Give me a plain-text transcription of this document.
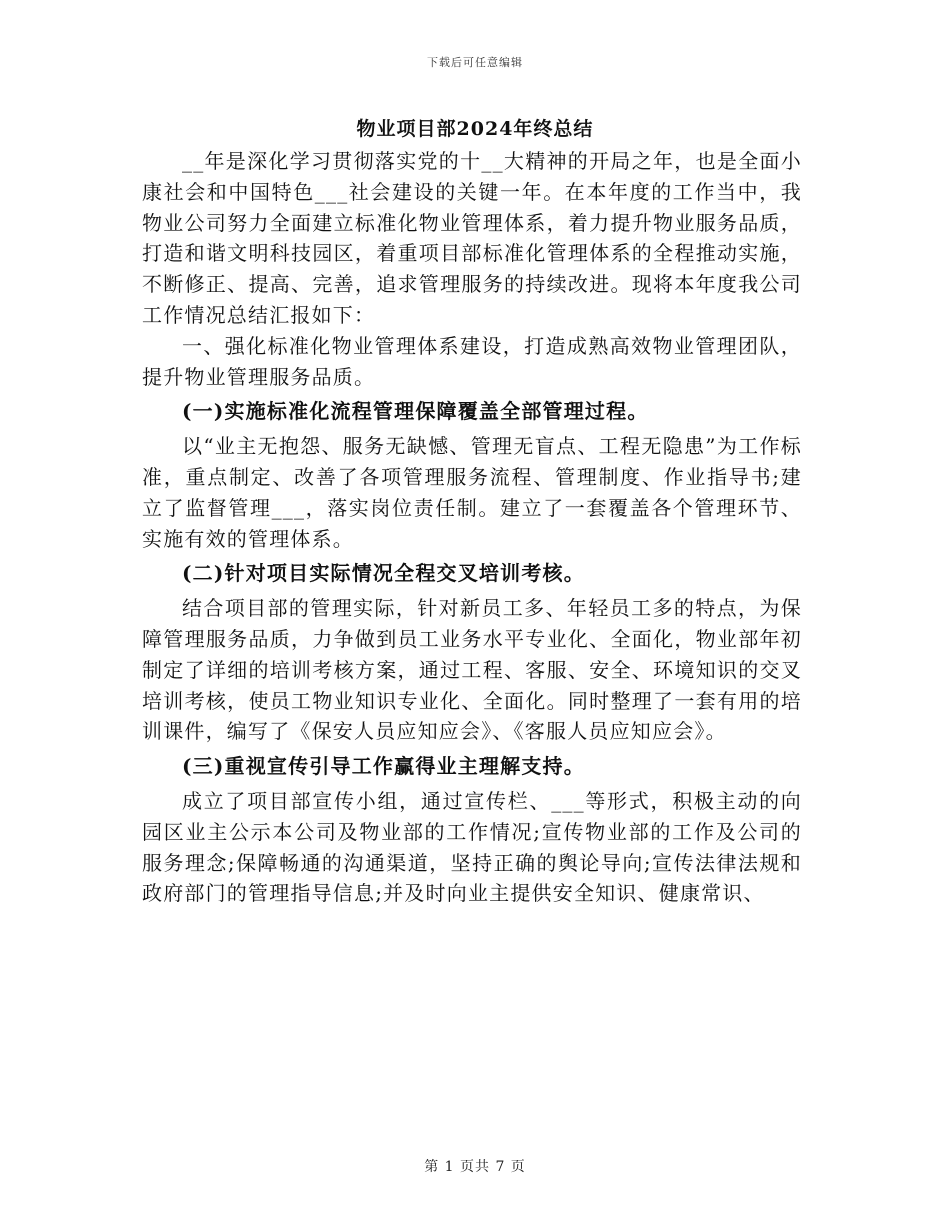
下载后可任意编辑
物业项目部2024年终总结

__年是深化学习贯彻落实党的十__大精神的开局之年，也是全面小康社会和中国特色___社会建设的关键一年。在本年度的工作当中，我物业公司努力全面建立标准化物业管理体系，着力提升物业服务品质，打造和谐文明科技园区，着重项目部标准化管理体系的全程推动实施，不断修正、提高、完善，追求管理服务的持续改进。现将本年度我公司工作情况总结汇报如下：

一、强化标准化物业管理体系建设，打造成熟高效物业管理团队，提升物业管理服务品质。

(一)实施标准化流程管理保障覆盖全部管理过程。

以“业主无抱怨、服务无缺憾、管理无盲点、工程无隐患”为工作标准，重点制定、改善了各项管理服务流程、管理制度、作业指导书;建立了监督管理___，落实岗位责任制。建立了一套覆盖各个管理环节、实施有效的管理体系。

(二)针对项目实际情况全程交叉培训考核。

结合项目部的管理实际，针对新员工多、年轻员工多的特点，为保障管理服务品质，力争做到员工业务水平专业化、全面化，物业部年初制定了详细的培训考核方案，通过工程、客服、安全、环境知识的交叉培训考核，使员工物业知识专业化、全面化。同时整理了一套有用的培训课件，编写了《保安人员应知应会》、《客服人员应知应会》。

(三)重视宣传引导工作赢得业主理解支持。

成立了项目部宣传小组，通过宣传栏、___等形式，积极主动的向园区业主公示本公司及物业部的工作情况;宣传物业部的工作及公司的服务理念;保障畅通的沟通渠道，坚持正确的舆论导向;宣传法律法规和政府部门的管理指导信息;并及时向业主提供安全知识、健康常识、

第 1 页共 7 页
